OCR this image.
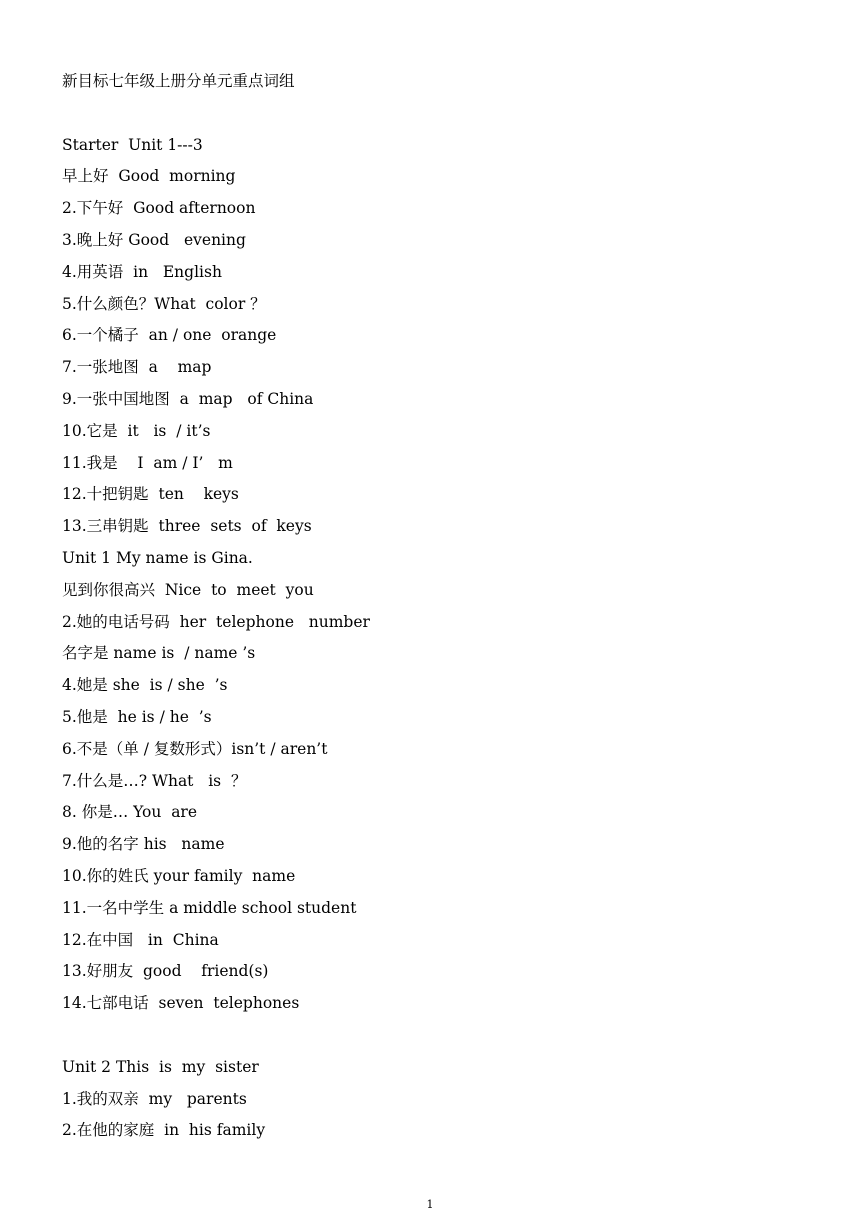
新目标七年级上册分单元重点词组
Starter  Unit 1---3
早上好  Good  morning
2.下午好  Good afternoon
3.晚上好 Good   evening
4.用英语  in   English
5.什么颜色？What  color ？
6.一个橘子  an / one  orange
7.一张地图  a    map
9.一张中国地图  a  map   of China
10.它是  it   is  / it’s
11.我是    I  am / I’   m
12.十把钥匙  ten    keys
13.三串钥匙  three  sets  of  keys
Unit 1 My name is Gina.
见到你很高兴  Nice  to  meet  you
2.她的电话号码  her  telephone   number
名字是 name is  / name ’s
4.她是 she  is / she  ’s
5.他是  he is / he  ’s
6.不是（单 / 复数形式）isn’t / aren’t
7.什么是…? What   is  ？
8. 你是… You  are
9.他的名字 his   name
10.你的姓氏 your family  name
11.一名中学生 a middle school student
12.在中国   in  China
13.好朋友  good    friend(s)
14.七部电话  seven  telephones
Unit 2 This  is  my  sister
1.我的双亲  my   parents
2.在他的家庭  in  his family
1
